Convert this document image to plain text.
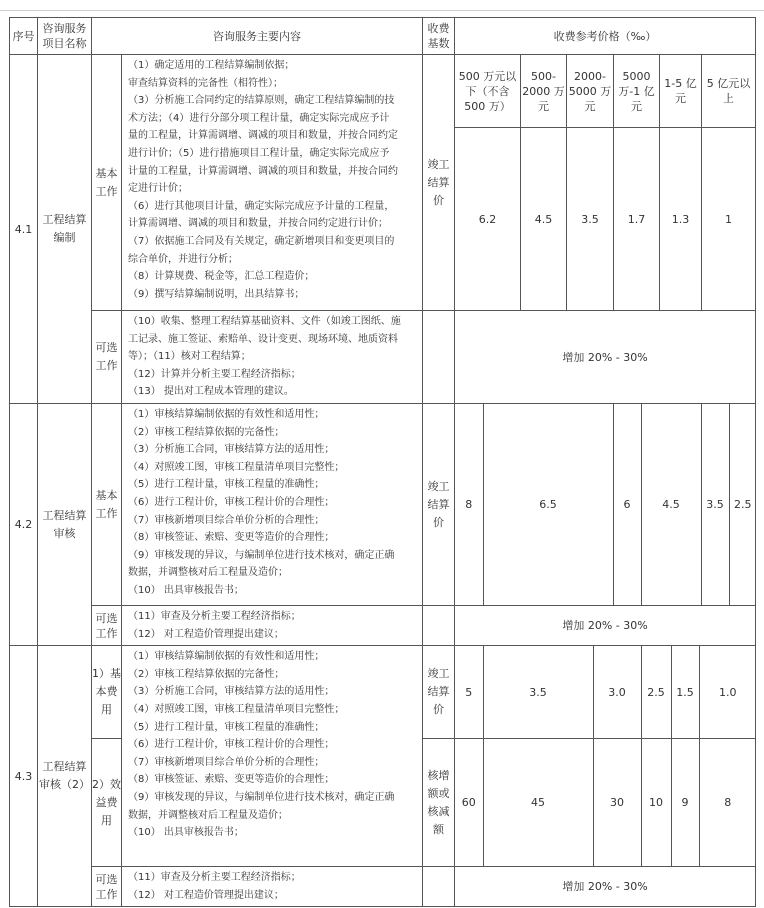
序号	咨询服务项目名称	咨询服务主要内容	收费基数	收费参考价格（‰）
4.1	工程结算编制	基本工作	
（1）确定适用的工程结算编制依据；
审查结算资料的完备性（相符性）；
（3）分析施工合同约定的结算原则，确定工程结算编制的技
术方法；（4）进行分部分项工程计量，确定实际完成应予计
量的工程量，计算需调增、调减的项目和数量，并按合同约定
进行计价；（5）进行措施项目工程计量，确定实际完成应予
计量的工程量，计算需调增、调减的项目和数量，并按合同约
定进行计价；
（6）进行其他项目计量，确定实际完成应予计量的工程量，
计算需调增、调减的项目和数量，并按合同约定进行计价；
（7）依据施工合同及有关规定，确定新增项目和变更项目的
综合单价，并进行分析；
（8）计算规费、税金等，汇总工程造价；
（9）撰写结算编制说明，出具结算书；
	竣工结算价	500 万元以下（不含 500 万）	500-2000 万元	2000-5000 万元	5000 万-1 亿元	1-5 亿元	5 亿元以上
6.2	4.5	3.5	1.7	1.3	1
可选工作	
（10）收集、整理工程结算基础资料、文件（如竣工图纸、施
工记录、施工签证、索赔单、设计变更、现场环境、地质资料
等）；（11）核对工程结算；
（12）计算并分析主要工程经济指标；
（13） 提出对工程成本管理的建议。
		增加 20% - 30%
4.2	工程结算审核	基本工作	
（1）审核结算编制依据的有效性和适用性；
（2）审核工程结算依据的完备性；
（3）分析施工合同，审核结算方法的适用性；
（4）对照竣工图，审核工程量清单项目完整性；
（5）进行工程计量，审核工程量的准确性；
（6）进行工程计价，审核工程计价的合理性；
（7）审核新增项目综合单价分析的合理性；
（8）审核签证、索赔、变更等造价的合理性；
（9）审核发现的异议，与编制单位进行技术核对，确定正确
数据，并调整核对后工程量及造价；
（10） 出具审核报告书；
	竣工结算价	
8	6.5	6	4.5	3.5	2.5

可选工作	
（11）审查及分析主要工程经济指标；
（12） 对工程造价管理提出建议；
		增加 20% - 30%
4.3	工程结算审核（2）	1）基本费用	
（1）审核结算编制依据的有效性和适用性；
（2）审核工程结算依据的完备性；
（3）分析施工合同，审核结算方法的适用性；
（4）对照竣工图，审核工程量清单项目完整性；
（5）进行工程计量，审核工程量的准确性；
（6）进行工程计价，审核工程计价的合理性；
（7）审核新增项目综合单价分析的合理性；
（8）审核签证、索赔、变更等造价的合理性；
（9）审核发现的异议，与编制单位进行技术核对，确定正确
数据，并调整核对后工程量及造价；
（10） 出具审核报告书；
	竣工结算价	
5	3.5	3.0	2.5	1.5	1.0

2）效益费用	核增额或核减额	
60	45	30	10	9	8

可选工作	
（11）审查及分析主要工程经济指标；
（12） 对工程造价管理提出建议；
		增加 20% - 30%
